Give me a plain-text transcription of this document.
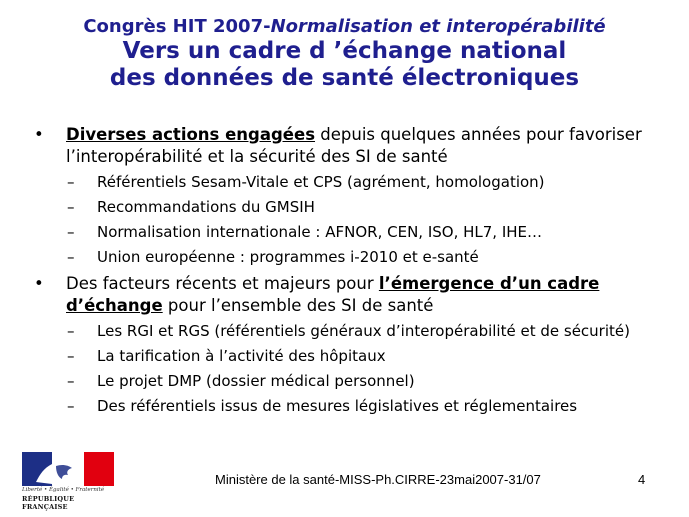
Congrès HIT 2007-Normalisation et interopérabilité
Vers un cadre d ’échange national
des données de santé électroniques
• Diverses actions engagées depuis quelques années pour favoriser l’interopérabilité et la sécurité des SI de santé
– Référentiels Sesam-Vitale et CPS (agrément, homologation)
– Recommandations du GMSIH
– Normalisation internationale : AFNOR, CEN, ISO, HL7, IHE…
– Union européenne : programmes i-2010 et e-santé
• Des facteurs récents et majeurs pour l’émergence d’un cadre d’échange pour l’ensemble des SI de santé
– Les RGI et RGS (référentiels généraux d’interopérabilité et de sécurité)
– La tarification à l’activité des hôpitaux
– Le projet DMP (dossier médical personnel)
– Des référentiels issus de mesures législatives et réglementaires
Liberté • Égalité • Fraternité
RÉPUBLIQUE FRANÇAISE
Ministère de la santé-MISS-Ph.CIRRE-23mai2007-31/07	4
